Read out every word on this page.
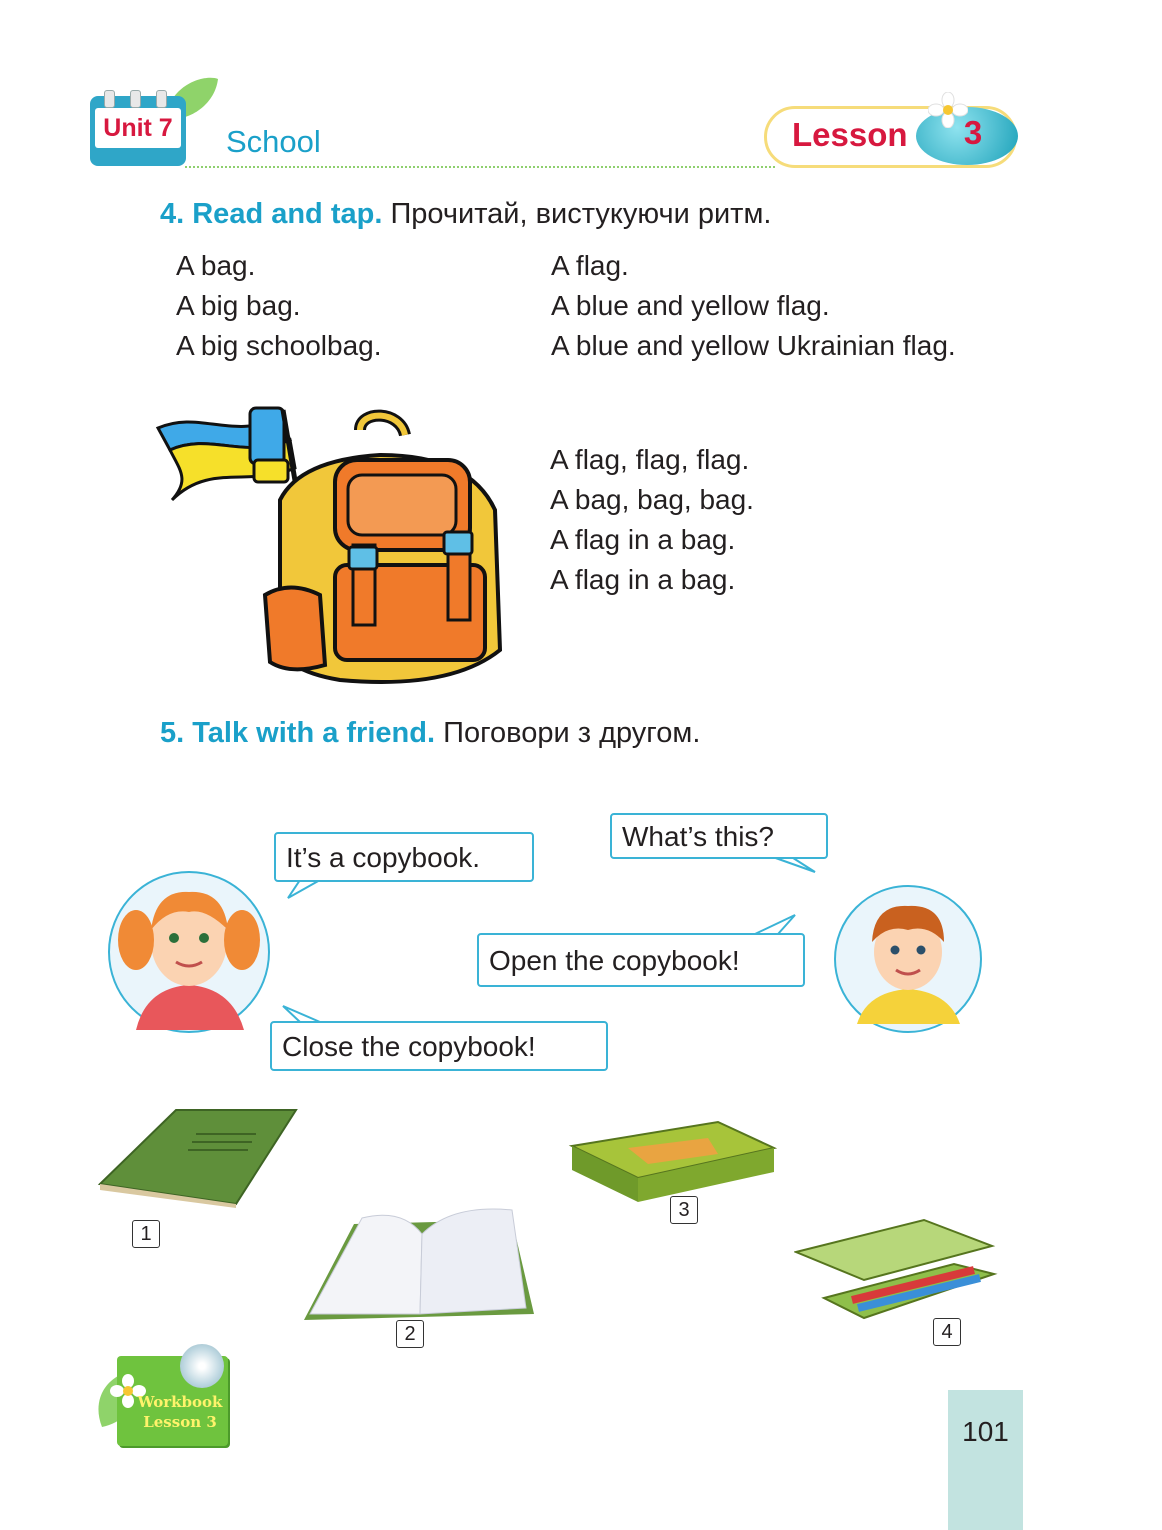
Unit 7 School	Lesson	3
4. Read and tap. Прочитай, вистукуючи ритм.
A bag.
A big bag.
A big schoolbag.
A flag.
A blue and yellow flag.
A blue and yellow Ukrainian flag.
A flag, flag, flag.
A bag, bag, bag.
A flag in a bag.
A flag in a bag.
5. Talk with a friend. Поговори з другом.
It’s a copybook.
What’s this?
Open the copybook!
Close the copybook!
1
2
3
4
Workbook
Lesson 3	101
